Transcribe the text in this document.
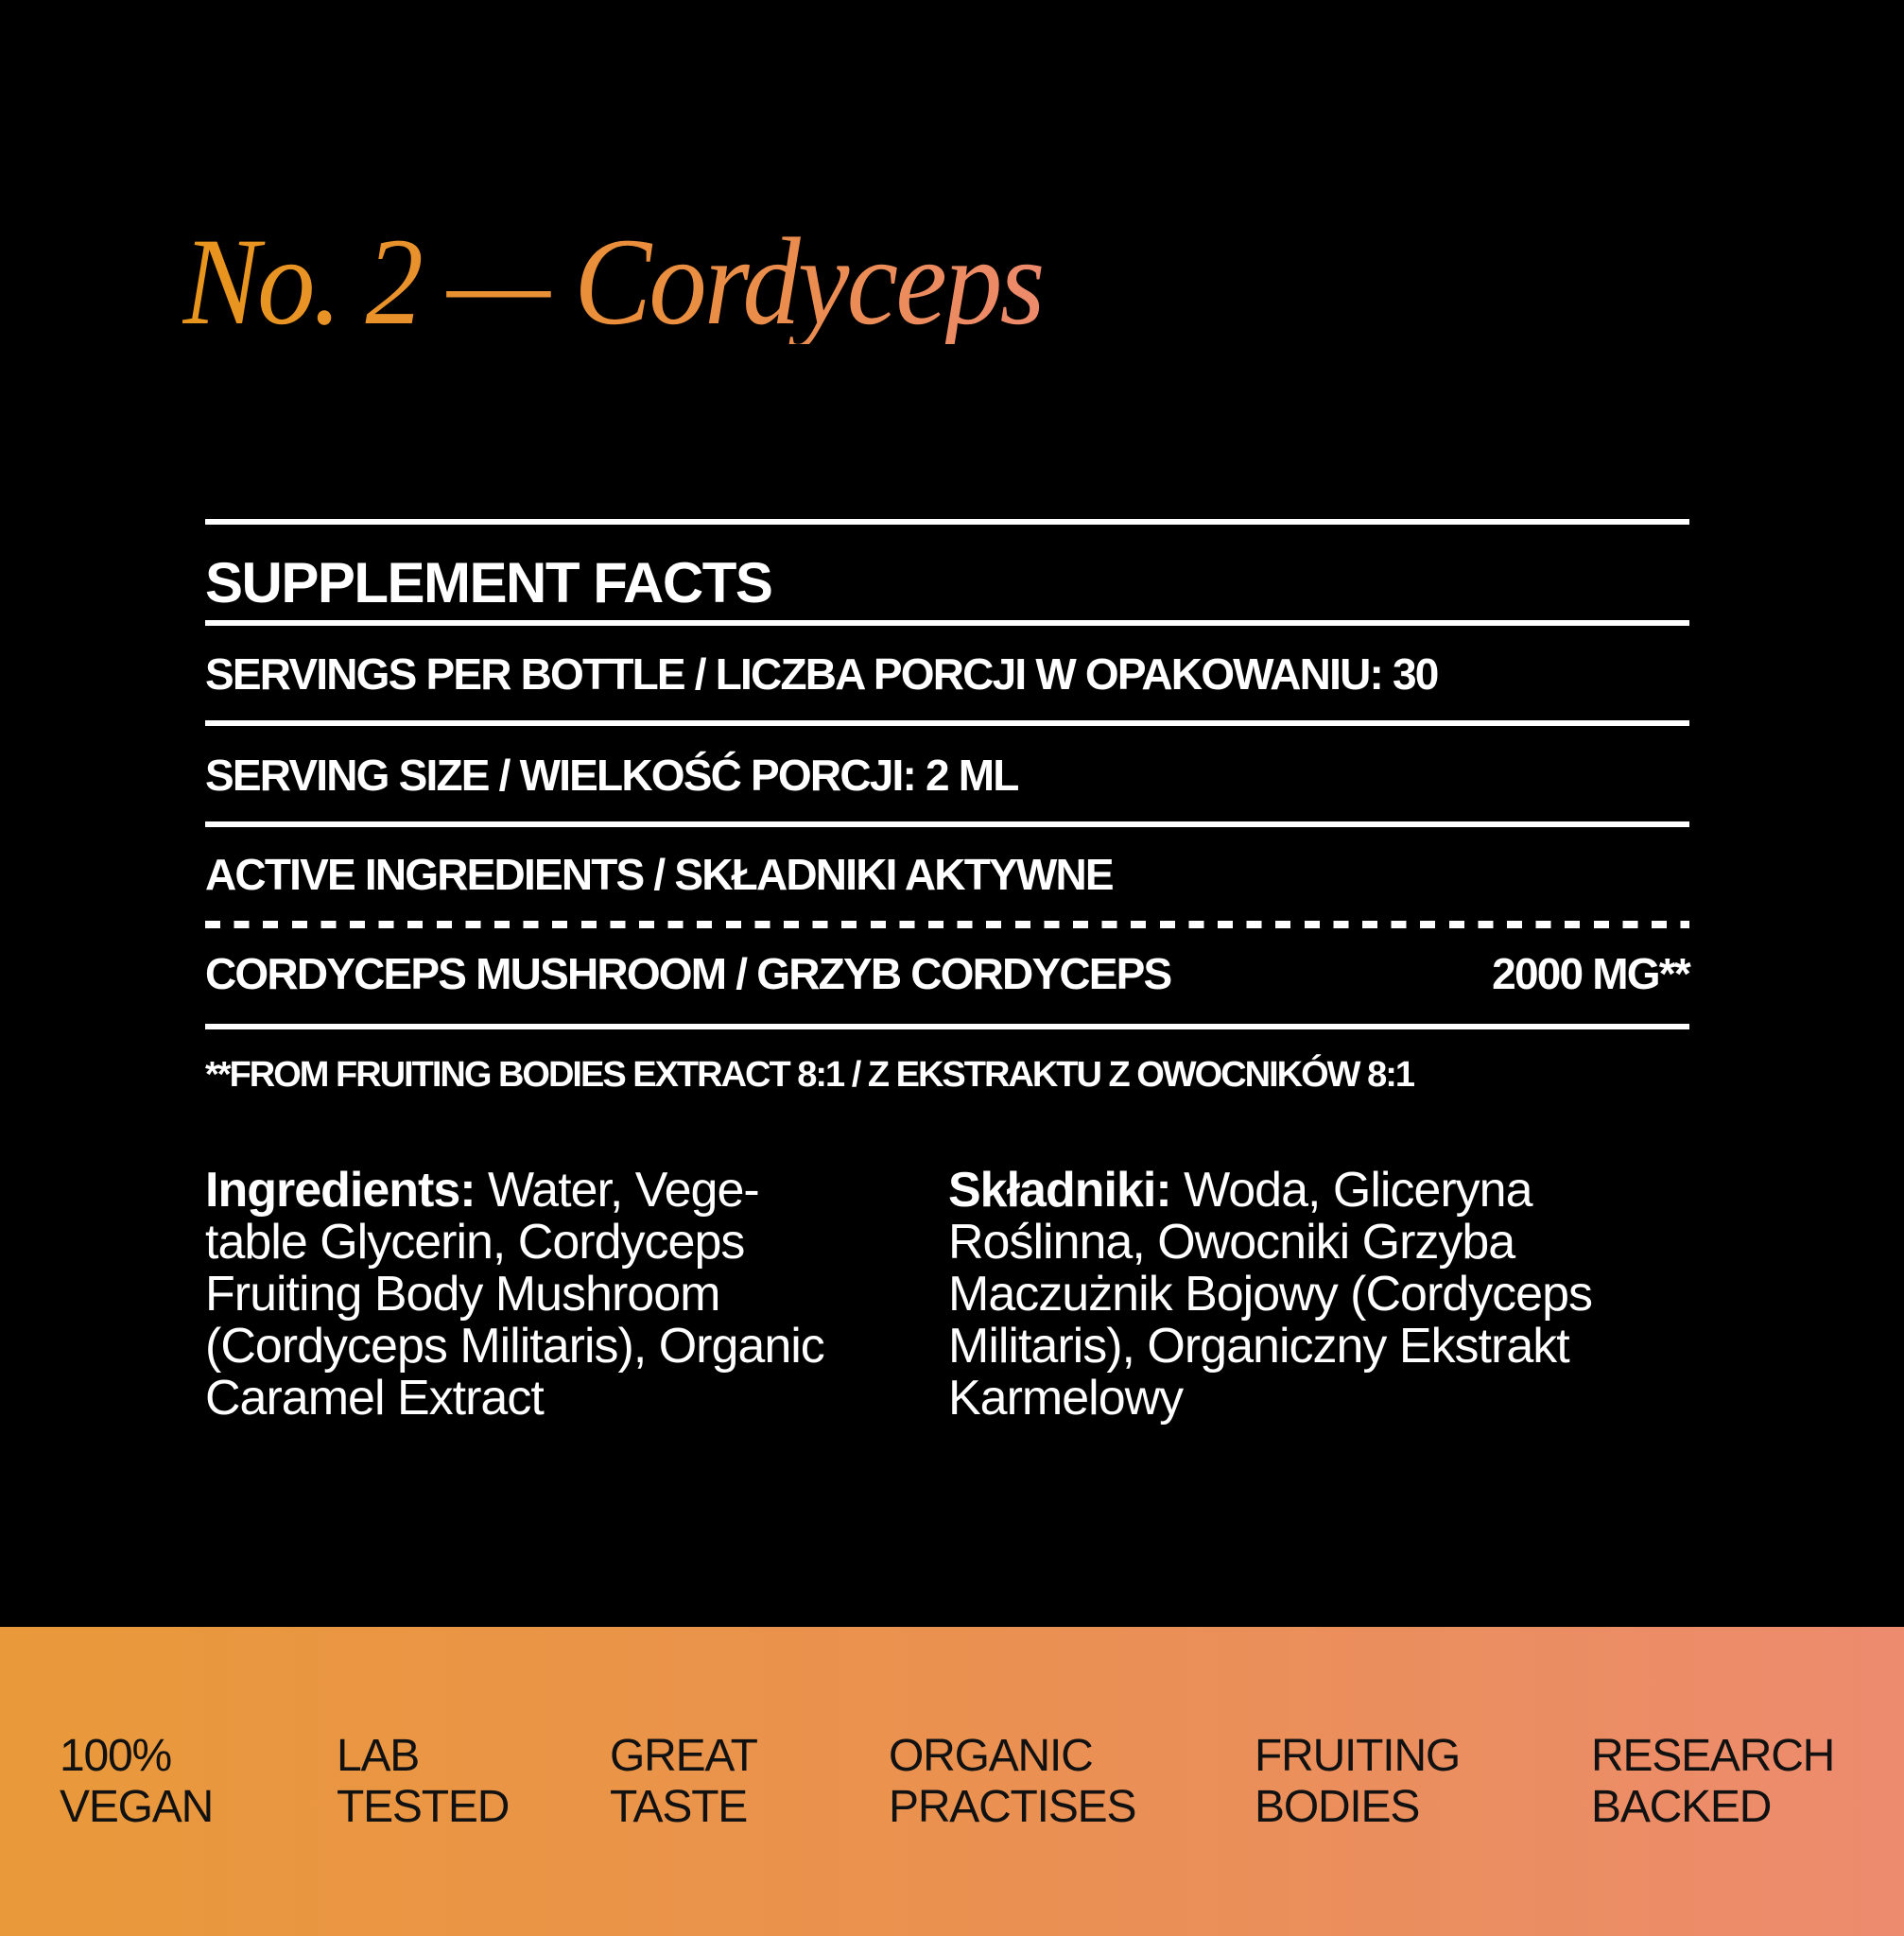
No. 2 — Cordyceps
SUPPLEMENT FACTS
SERVINGS PER BOTTLE / LICZBA PORCJI W OPAKOWANIU: 30
SERVING SIZE / WIELKOŚĆ PORCJI: 2 ML
ACTIVE INGREDIENTS / SKŁADNIKI AKTYWNE
CORDYCEPS MUSHROOM / GRZYB CORDYCEPS	2000 MG**
**FROM FRUITING BODIES EXTRACT 8:1 / Z EKSTRAKTU Z OWOCNIKÓW 8:1
Ingredients: Water, Vege-table Glycerin, Cordyceps Fruiting Body Mushroom (Cordyceps Militaris), Organic Caramel Extract
Składniki: Woda, Gliceryna Roślinna, Owocniki Grzyba Maczużnik Bojowy (Cordyceps Militaris), Organiczny Ekstrakt Karmelowy
100%
VEGAN
LAB
TESTED
GREAT
TASTE
ORGANIC
PRACTISES
FRUITING
BODIES
RESEARCH
BACKED
